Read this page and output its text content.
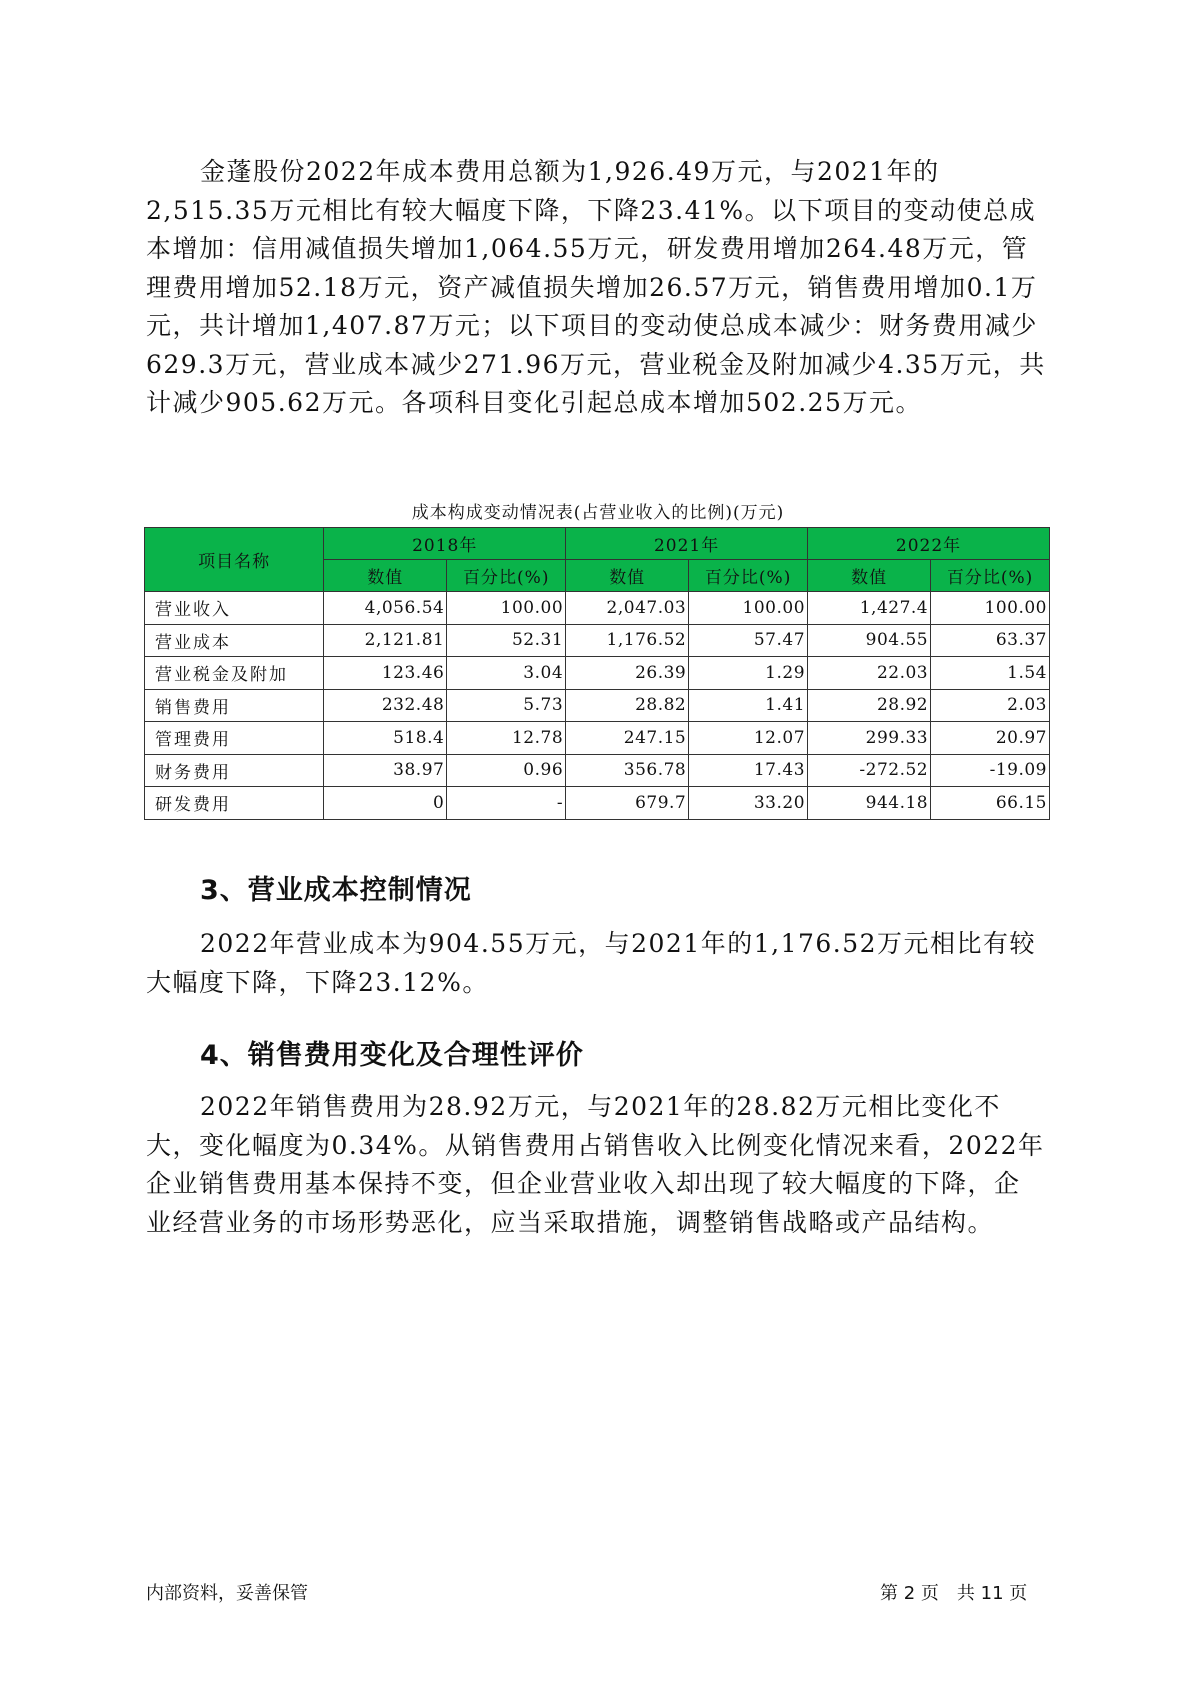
金蓬股份2022年成本费用总额为1,926.49万元，与2021年的2,515.35万元相比有较大幅度下降，下降23.41%。以下项目的变动使总成本增加：信用减值损失增加1,064.55万元，研发费用增加264.48万元，管理费用增加52.18万元，资产减值损失增加26.57万元，销售费用增加0.1万元，共计增加1,407.87万元；以下项目的变动使总成本减少：财务费用减少629.3万元，营业成本减少271.96万元，营业税金及附加减少4.35万元，共计减少905.62万元。各项科目变化引起总成本增加502.25万元。

成本构成变动情况表(占营业收入的比例)(万元)
项目名称	2018年		2021年		2022年	
	数值	百分比(%)	数值	百分比(%)	数值	百分比(%)
营业收入	4,056.54	100.00	2,047.03	100.00	1,427.4	100.00
营业成本	2,121.81	52.31	1,176.52	57.47	904.55	63.37
营业税金及附加	123.46	3.04	26.39	1.29	22.03	1.54
销售费用	232.48	5.73	28.82	1.41	28.92	2.03
管理费用	518.4	12.78	247.15	12.07	299.33	20.97
财务费用	38.97	0.96	356.78	17.43	-272.52	-19.09
研发费用	0	-	679.7	33.20	944.18	66.15
3、营业成本控制情况

2022年营业成本为904.55万元，与2021年的1,176.52万元相比有较大幅度下降，下降23.12%。

4、销售费用变化及合理性评价

2022年销售费用为28.92万元，与2021年的28.82万元相比变化不大，变化幅度为0.34%。从销售费用占销售收入比例变化情况来看，2022年企业销售费用基本保持不变，但企业营业收入却出现了较大幅度的下降，企业经营业务的市场形势恶化，应当采取措施，调整销售战略或产品结构。

内部资料，妥善保管	第 2 页　共 11 页
